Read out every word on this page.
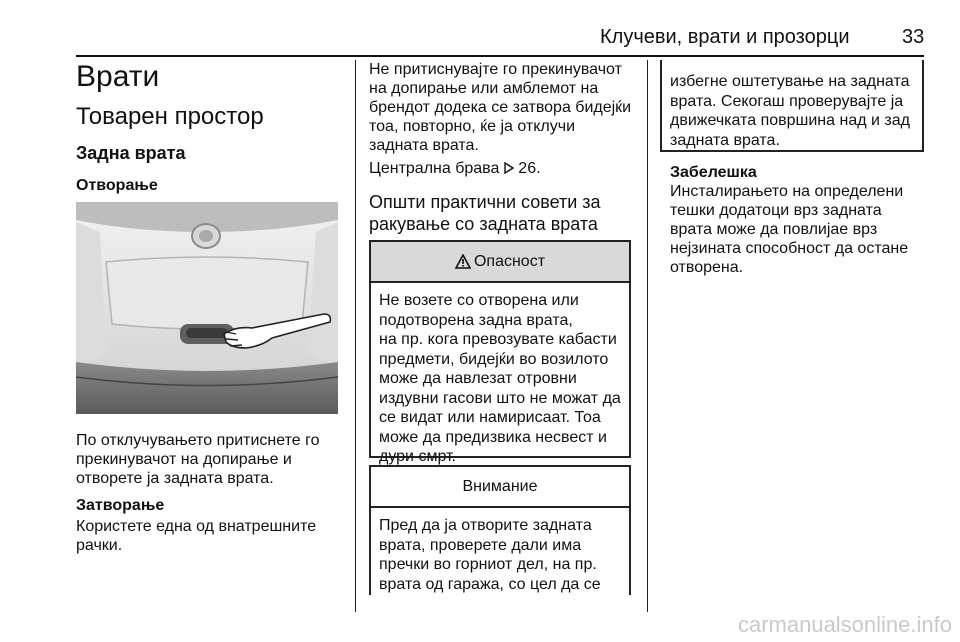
Клучеви, врати и прозорци	33
Врати
Товарен простор
Задна врата
Отворање

По отклучувањето притиснете го
прекинувачот на допирање и
отворете ја задната врата.

Затворање

Користете една од внатрешните
рачки.

Не притиснувајте го прекинувачот
на допирање или амблемот на
брендот додека се затвора бидејќи
тоа, повторно, ќе ја отклучи
задната врата.

Централна брава 26.
Општи практични совети за
ракување со задната врата
Опасност
Не возете со отворена или
подотворена задна врата,
на пр. кога превозувате кабасти
предмети, бидејќи во возилото
може да навлезат отровни
издувни гасови што не можат да
се видат или намирисаат. Тоа
може да предизвика несвест и
дури смрт.
Внимание
Пред да ја отворите задната
врата, проверете дали има
пречки во горниот дел, на пр.
врата од гаража, со цел да се
избегне оштетување на задната
врата. Секогаш проверувајте ја
движечката површина над и зад
задната врата.
Забелешка

Инсталирањето на определени
тешки додатоци врз задната
врата може да повлијае врз
нејзината способност да остане
отворена.

carmanualsonline.info
